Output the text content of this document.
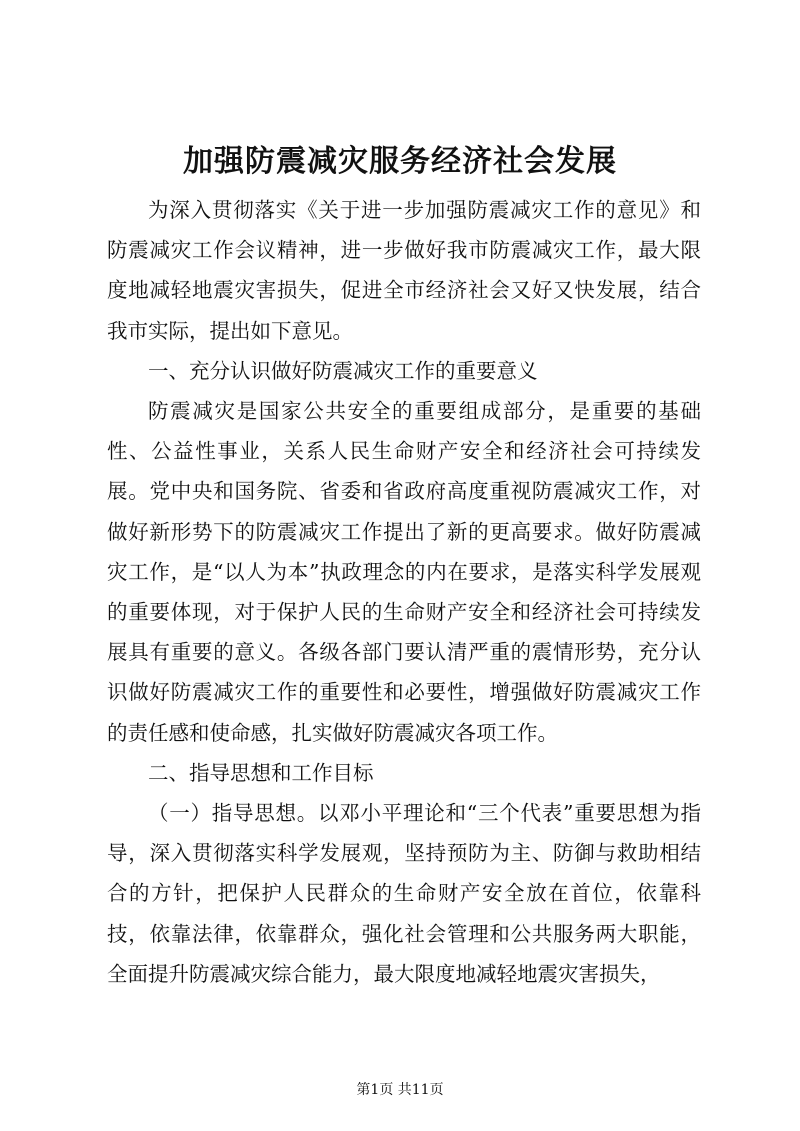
加强防震减灾服务经济社会发展

为深入贯彻落实《关于进一步加强防震减灾工作的意见》和防震减灾工作会议精神，进一步做好我市防震减灾工作，最大限度地减轻地震灾害损失，促进全市经济社会又好又快发展，结合我市实际，提出如下意见。

一、充分认识做好防震减灾工作的重要意义

防震减灾是国家公共安全的重要组成部分，是重要的基础性、公益性事业，关系人民生命财产安全和经济社会可持续发展。党中央和国务院、省委和省政府高度重视防震减灾工作，对做好新形势下的防震减灾工作提出了新的更高要求。做好防震减灾工作，是“以人为本”执政理念的内在要求，是落实科学发展观的重要体现，对于保护人民的生命财产安全和经济社会可持续发展具有重要的意义。各级各部门要认清严重的震情形势，充分认识做好防震减灾工作的重要性和必要性，增强做好防震减灾工作的责任感和使命感，扎实做好防震减灾各项工作。

二、指导思想和工作目标

（一）指导思想。以邓小平理论和“三个代表”重要思想为指导，深入贯彻落实科学发展观，坚持预防为主、防御与救助相结合的方针，把保护人民群众的生命财产安全放在首位，依靠科技，依靠法律，依靠群众，强化社会管理和公共服务两大职能，全面提升防震减灾综合能力，最大限度地减轻地震灾害损失，

第1页 共11页
